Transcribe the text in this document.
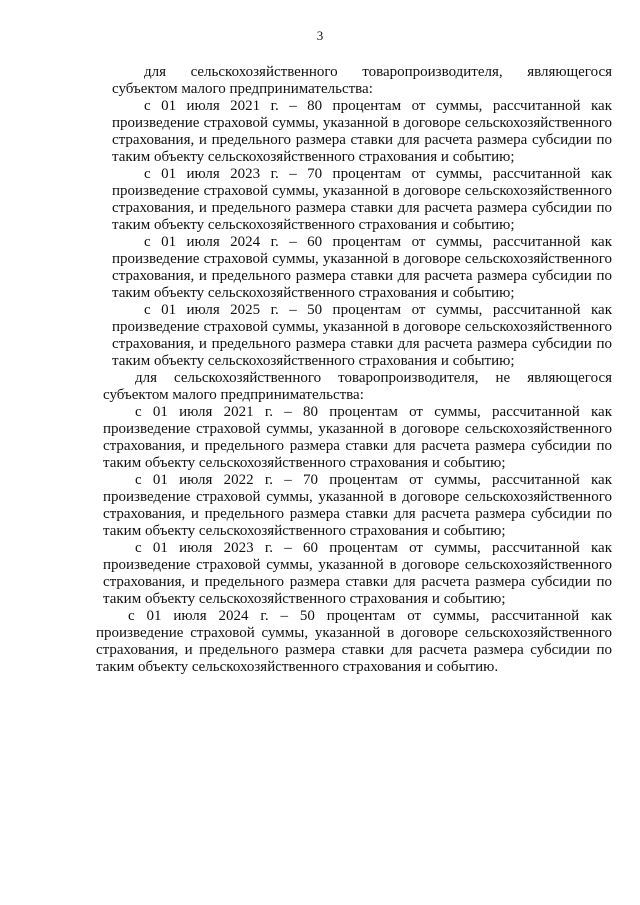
3

для сельскохозяйственного товаропроизводителя, являющегося субъектом малого предпринимательства:

с 01 июля 2021 г. – 80 процентам от суммы, рассчитанной как произведение страховой суммы, указанной в договоре сельскохозяйственного страхования, и предельного размера ставки для расчета размера субсидии по таким объекту сельскохозяйственного страхования и событию;

с 01 июля 2023 г. – 70 процентам от суммы, рассчитанной как произведение страховой суммы, указанной в договоре сельскохозяйственного страхования, и предельного размера ставки для расчета размера субсидии по таким объекту сельскохозяйственного страхования и событию;

с 01 июля 2024 г. – 60 процентам от суммы, рассчитанной как произведение страховой суммы, указанной в договоре сельскохозяйственного страхования, и предельного размера ставки для расчета размера субсидии по таким объекту сельскохозяйственного страхования и событию;

с 01 июля 2025 г. – 50 процентам от суммы, рассчитанной как произведение страховой суммы, указанной в договоре сельскохозяйственного страхования, и предельного размера ставки для расчета размера субсидии по таким объекту сельскохозяйственного страхования и событию;

для сельскохозяйственного товаропроизводителя, не являющегося субъектом малого предпринимательства:

с 01 июля 2021 г. – 80 процентам от суммы, рассчитанной как произведение страховой суммы, указанной в договоре сельскохозяйственного страхования, и предельного размера ставки для расчета размера субсидии по таким объекту сельскохозяйственного страхования и событию;

с 01 июля 2022 г. – 70 процентам от суммы, рассчитанной как произведение страховой суммы, указанной в договоре сельскохозяйственного страхования, и предельного размера ставки для расчета размера субсидии по таким объекту сельскохозяйственного страхования и событию;

с 01 июля 2023 г. – 60 процентам от суммы, рассчитанной как произведение страховой суммы, указанной в договоре сельскохозяйственного страхования, и предельного размера ставки для расчета размера субсидии по таким объекту сельскохозяйственного страхования и событию;

с 01 июля 2024 г. – 50 процентам от суммы, рассчитанной как произведение страховой суммы, указанной в договоре сельскохозяйственного страхования, и предельного размера ставки для расчета размера субсидии по таким объекту сельскохозяйственного страхования и событию.
